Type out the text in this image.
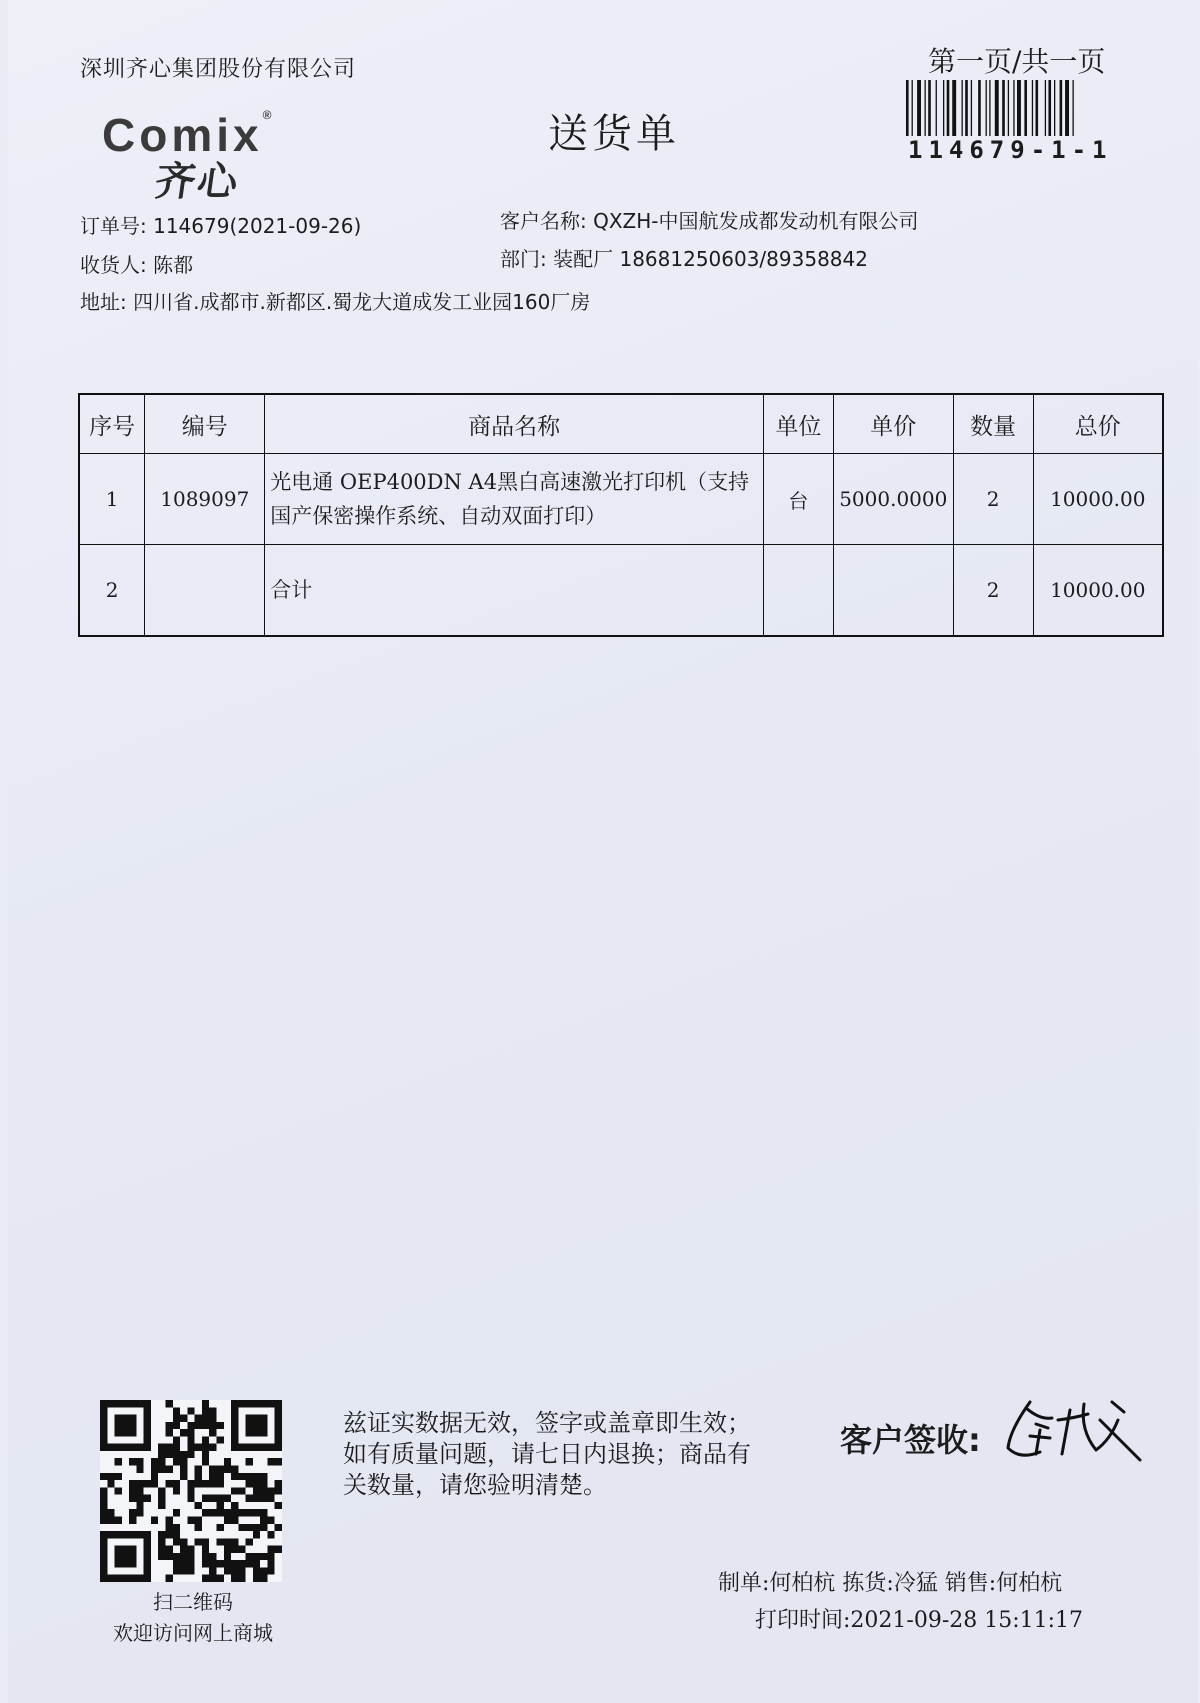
深圳齐心集团股份有限公司
Comix®
齐心
送货单
第一页/共一页
114679-1-1
订单号: 114679(2021-09-26)	客户名称: QXZH-中国航发成都发动机有限公司
收货人: 陈都	部门: 装配厂 18681250603/89358842
地址: 四川省.成都市.新都区.蜀龙大道成发工业园160厂房
序号	编号	商品名称	单位	单价	数量	总价
1	1089097	光电通 OEP400DN A4黑白高速激光打印机（支持国产保密操作系统、自动双面打印）	台	5000.0000	2	10000.00
2		合计			2	10000.00
扫二维码
欢迎访问网上商城
兹证实数据无效，签字或盖章即生效；如有质量问题，请七日内退换；商品有关数量，请您验明清楚。
客户签收:
制单:何柏杭 拣货:冷猛 销售:何柏杭
打印时间:2021-09-28 15:11:17
